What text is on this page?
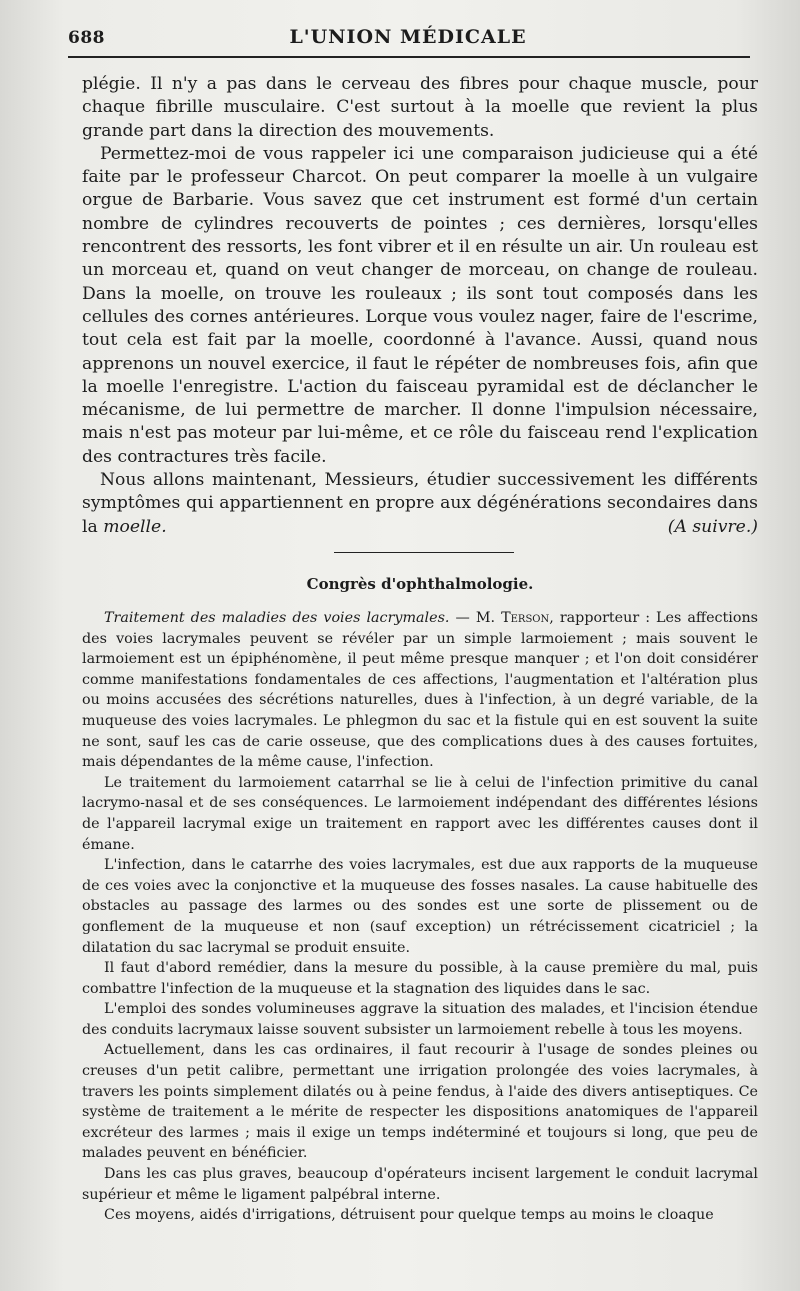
688	L'UNION MÉDICALE

plégie. Il n'y a pas dans le cerveau des fibres pour chaque muscle, pour chaque fibrille musculaire. C'est surtout à la moelle que revient la plus grande part dans la direction des mouvements.

Permettez-moi de vous rappeler ici une comparaison judicieuse qui a été faite par le professeur Charcot. On peut comparer la moelle à un vulgaire orgue de Barbarie. Vous savez que cet instrument est formé d'un certain nombre de cylindres recouverts de pointes ; ces dernières, lorsqu'elles rencontrent des ressorts, les font vibrer et il en résulte un air. Un rouleau est un morceau et, quand on veut changer de morceau, on change de rouleau. Dans la moelle, on trouve les rouleaux ; ils sont tout composés dans les cellules des cornes antérieures. Lorque vous voulez nager, faire de l'escrime, tout cela est fait par la moelle, coordonné à l'avance. Aussi, quand nous apprenons un nouvel exercice, il faut le répéter de nombreuses fois, afin que la moelle l'enregistre. L'action du faisceau pyramidal est de déclancher le mécanisme, de lui permettre de marcher. Il donne l'impulsion nécessaire, mais n'est pas moteur par lui-même, et ce rôle du faisceau rend l'explication des contractures très facile.

Nous allons maintenant, Messieurs, étudier successivement les différents symptômes qui appartiennent en propre aux dégénérations secondaires dans la moelle.	(A suivre.)

Congrès d'ophthalmologie.

Traitement des maladies des voies lacrymales. — M. Terson, rapporteur : Les affections des voies lacrymales peuvent se révéler par un simple larmoiement ; mais souvent le larmoiement est un épiphénomène, il peut même presque manquer ; et l'on doit considérer comme manifestations fondamentales de ces affections, l'augmentation et l'altération plus ou moins accusées des sécrétions naturelles, dues à l'infection, à un degré variable, de la muqueuse des voies lacrymales. Le phlegmon du sac et la fistule qui en est souvent la suite ne sont, sauf les cas de carie osseuse, que des complications dues à des causes fortuites, mais dépendantes de la même cause, l'infection.

Le traitement du larmoiement catarrhal se lie à celui de l'infection primitive du canal lacrymo-nasal et de ses conséquences. Le larmoiement indépendant des différentes lésions de l'appareil lacrymal exige un traitement en rapport avec les différentes causes dont il émane.

L'infection, dans le catarrhe des voies lacrymales, est due aux rapports de la muqueuse de ces voies avec la conjonctive et la muqueuse des fosses nasales. La cause habituelle des obstacles au passage des larmes ou des sondes est une sorte de plissement ou de gonflement de la muqueuse et non (sauf exception) un rétrécissement cicatriciel ; la dilatation du sac lacrymal se produit ensuite.

Il faut d'abord remédier, dans la mesure du possible, à la cause première du mal, puis combattre l'infection de la muqueuse et la stagnation des liquides dans le sac.

L'emploi des sondes volumineuses aggrave la situation des malades, et l'incision étendue des conduits lacrymaux laisse souvent subsister un larmoiement rebelle à tous les moyens.

Actuellement, dans les cas ordinaires, il faut recourir à l'usage de sondes pleines ou creuses d'un petit calibre, permettant une irrigation prolongée des voies lacrymales, à travers les points simplement dilatés ou à peine fendus, à l'aide des divers antiseptiques. Ce système de traitement a le mérite de respecter les dispositions anatomiques de l'appareil excréteur des larmes ; mais il exige un temps indéterminé et toujours si long, que peu de malades peuvent en bénéficier.

Dans les cas plus graves, beaucoup d'opérateurs incisent largement le conduit lacrymal supérieur et même le ligament palpébral interne.

Ces moyens, aidés d'irrigations, détruisent pour quelque temps au moins le cloaque
